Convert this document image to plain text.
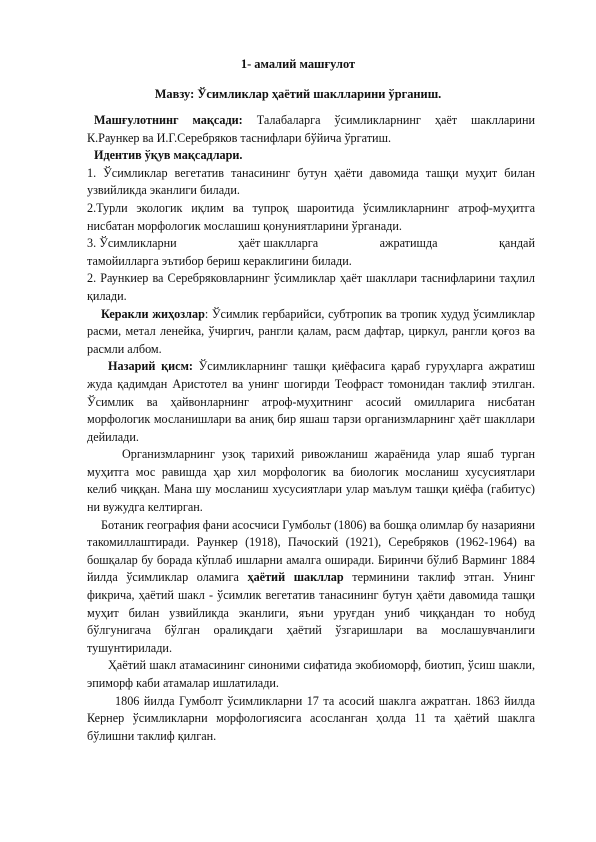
1- амалий машғулот
Мавзу: Ўсимликлар ҳаётий шаклларини ўрганиш.

Машғулотнинг мақсади: Талабаларга ўсимликларнинг ҳаёт шаклларини К.Раункер ва И.Г.Серебряков таснифлари бўйича ўргатиш.

Идентив ўқув мақсадлари.

1. Ўсимликлар вегетатив танасининг бутун ҳаёти давомида ташқи муҳит билан узвийликда эканлиги билади.

2.Турли экологик иқлим ва тупроқ шароитида ўсимликларнинг атроф-муҳитга нисбатан морфологик мослашиш қонуниятларини ўрганади.

3. Ўсимликларни	ҳаёт шаклларга	ажратишда	қандай

тамойилларга эътибор бериш кераклигини билади.

2. Раункиер ва Серебряковларнинг ўсимликлар ҳаёт шакллари таснифларини таҳлил қилади.

Керакли жиҳозлар: Ўсимлик гербарийси, субтропик ва тропик худуд ўсимликлар расми, метал ленейка, ўчиргич, рангли қалам, расм дафтар, циркул, рангли қоғоз ва расмли албом.

Назарий қисм: Ўсимликларнинг ташқи қиёфасига қараб гуруҳларга ажратиш жуда қадимдан Аристотел ва унинг шогирди Теофраст томонидан таклиф этилган. Ўсимлик ва ҳайвонларнинг атроф-муҳитнинг асосий омилларига нисбатан морфологик мосланишлари ва аниқ бир яшаш тарзи организмларнинг ҳаёт шакллари дейилади.

Организмларнинг узоқ тарихий ривожланиш жараёнида улар яшаб турган муҳитга мос равишда ҳар хил морфологик ва биологик мосланиш хусусиятлари келиб чиққан. Мана шу мосланиш хусусиятлари улар маълум ташқи қиёфа (габитус) ни вужудга келтирган.

Ботаник география фани асосчиси Гумбольт (1806) ва бошқа олимлар бу назарияни такомиллаштиради. Раункер (1918), Пачоский (1921), Серебряков (1962-1964) ва бошқалар бу борада кўплаб ишларни амалга оширади. Биринчи бўлиб Варминг 1884 йилда ўсимликлар оламига ҳаётий шакллар терминини таклиф этган. Унинг фикрича, ҳаётий шакл - ўсимлик вегетатив танасининг бутун ҳаёти давомида ташқи муҳит билан узвийликда эканлиги, яъни уруғдан униб чиққандан то нобуд бўлгунигача бўлган оралиқдаги ҳаётий ўзгаришлари ва мослашувчанлиги тушунтирилади.

Ҳаётий шакл атамасининг синоними сифатида экобиоморф, биотип, ўсиш шакли, эпиморф каби атамалар ишлатилади.

1806 йилда Гумболт ўсимликларни 17 та асосий шаклга ажратган. 1863 йилда Кернер ўсимликларни морфологиясига асосланган ҳолда 11 та ҳаётий шаклга бўлишни таклиф қилган.
